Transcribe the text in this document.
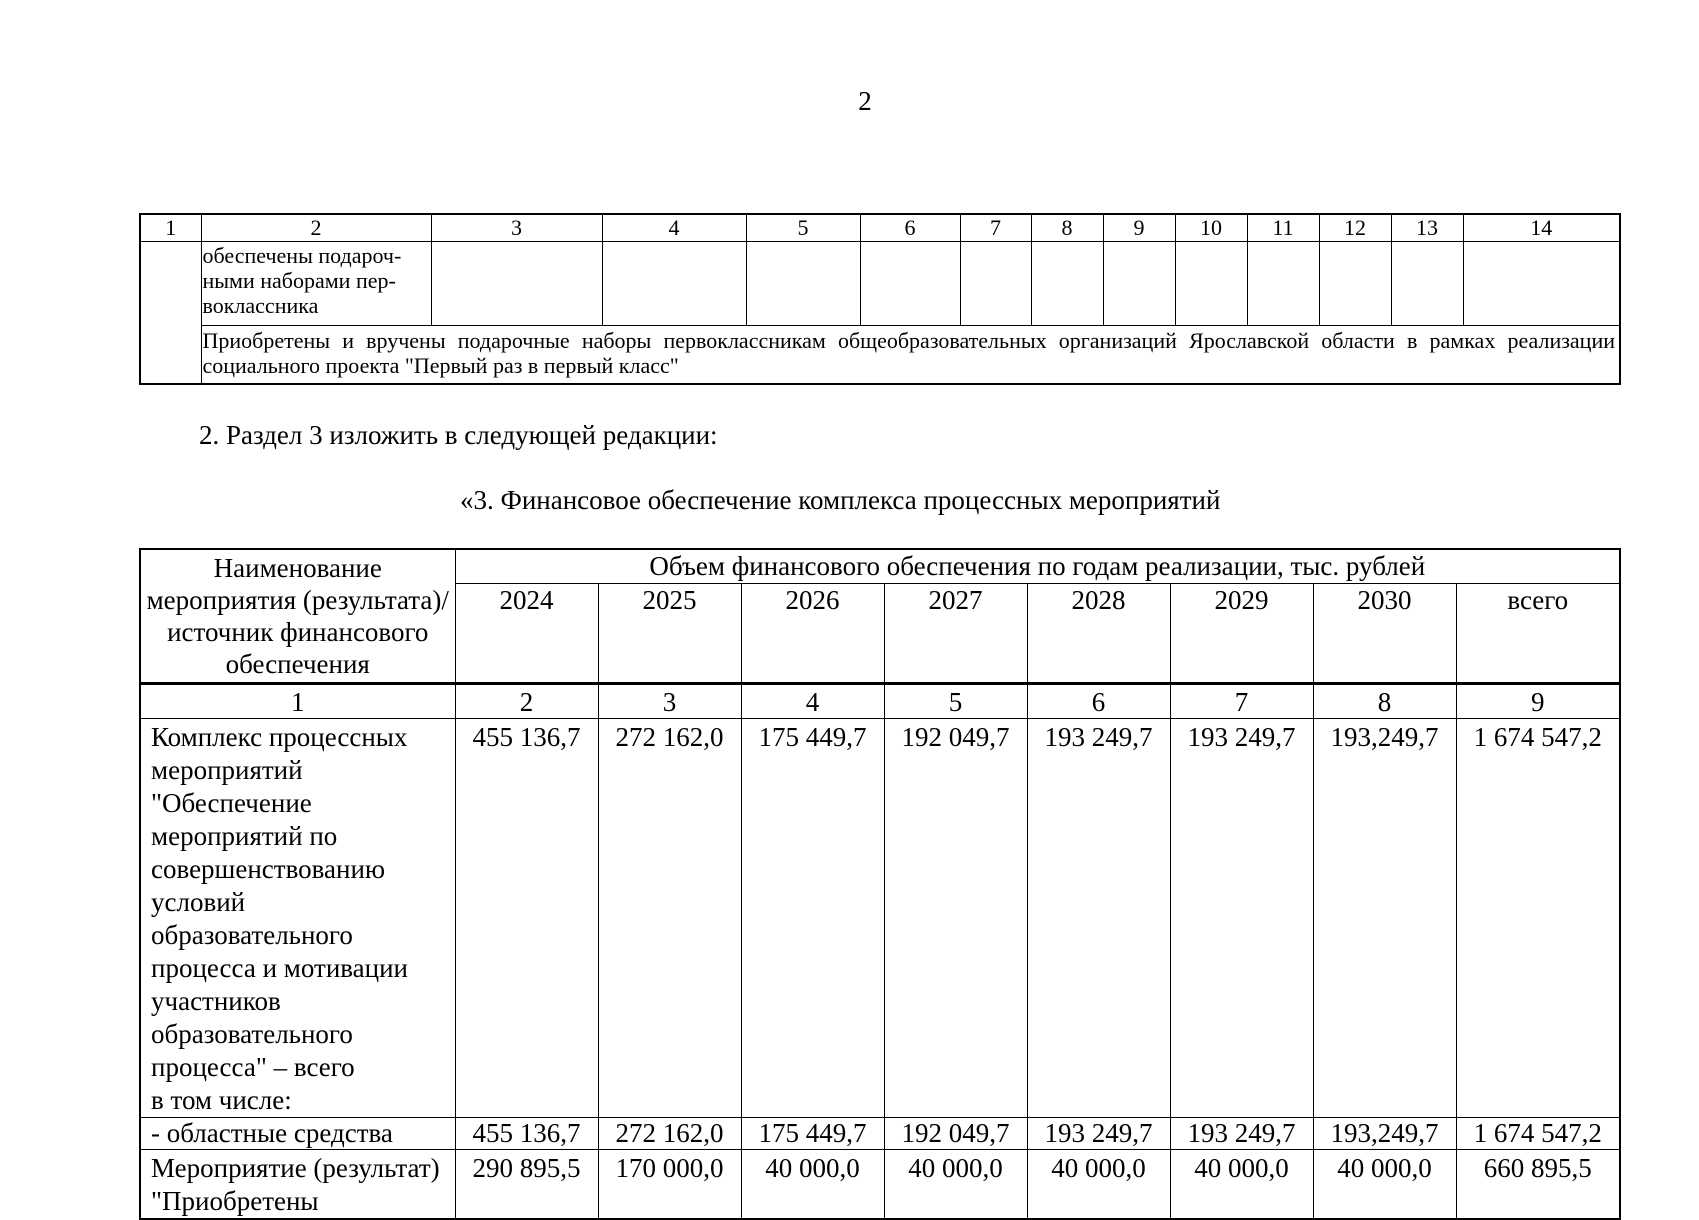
2
1	2	3	4	5	6	7	8	9	10	11	12	13	14
	обеспечены подароч-
ными наборами пер-
воклассника												
	Приобретены и вручены подарочные наборы первоклассникам общеобразовательных организаций Ярославской области в рамках реализации социального проекта "Первый раз в первый класс"												
2. Раздел 3 изложить в следующей редакции:
«3. Финансовое обеспечение комплекса процессных мероприятий
Наименование мероприятия (результата)/ источник финансового обеспечения	Объем финансового обеспечения по годам реализации, тыс. рублей							
	2024	2025	2026	2027	2028	2029	2030	всего
1	2	3	4	5	6	7	8	9
Комплекс процессных мероприятий "Обеспечение мероприятий по совершенствованию условий образовательного процесса и мотивации участников образовательного процесса" – всего
в том числе:	455 136,7	272 162,0	175 449,7	192 049,7	193 249,7	193 249,7	193,249,7	1 674 547,2
- областные средства	455 136,7	272 162,0	175 449,7	192 049,7	193 249,7	193 249,7	193,249,7	1 674 547,2
Мероприятие (результат) "Приобретены	290 895,5	170 000,0	40 000,0	40 000,0	40 000,0	40 000,0	40 000,0	660 895,5
